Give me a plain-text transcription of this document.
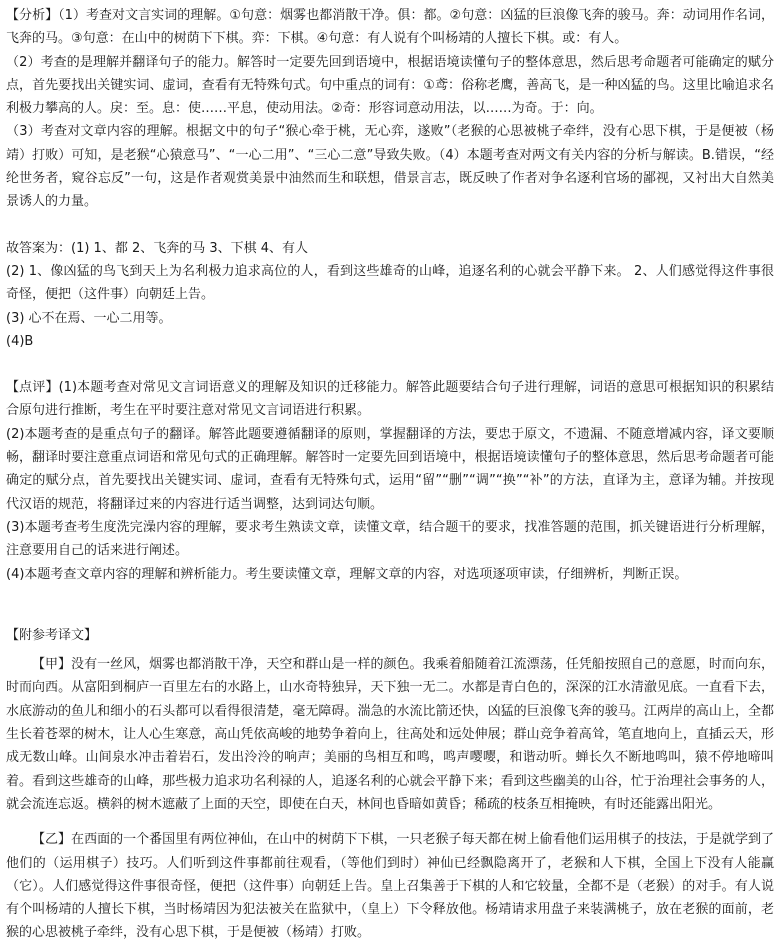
【分析】（1）考查对文言实词的理解。①句意：烟雾也都消散干净。俱：都。②句意：凶猛的巨浪像飞奔的骏马。奔：动词用作名词，飞奔的马。③句意：在山中的树荫下下棋。弈：下棋。④句意：有人说有个叫杨靖的人擅长下棋。或：有人。

（2）考查的是理解并翻译句子的能力。解答时一定要先回到语境中，根据语境读懂句子的整体意思，然后思考命题者可能确定的赋分点，首先要找出关键实词、虚词，查看有无特殊句式。句中重点的词有：①鸢：俗称老鹰，善高飞，是一种凶猛的鸟。这里比喻追求名利极力攀高的人。戾：至。息：使……平息，使动用法。②奇：形容词意动用法，以……为奇。于：向。

（3）考查对文章内容的理解。根据文中的句子“猴心牵于桃，无心弈，遂败”（老猴的心思被桃子牵绊，没有心思下棋，于是便被（杨靖）打败）可知，是老猴“心猿意马”、“一心二用”、“三心二意”导致失败。（4）本题考查对两文有关内容的分析与解读。B.错误，“经纶世务者，窥谷忘反”一句，这是作者观赏美景中油然而生和联想，借景言志，既反映了作者对争名逐利官场的鄙视，又衬出大自然美景诱人的力量。

故答案为：(1) 1、都 2、飞奔的马 3、下棋 4、有人

(2) 1、像凶猛的鸟飞到天上为名利极力追求高位的人，看到这些雄奇的山峰，追逐名利的心就会平静下来。 2、人们感觉得这件事很奇怪，便把（这件事）向朝廷上告。

(3) 心不在焉、一心二用等。

(4)B

【点评】(1)本题考查对常见文言词语意义的理解及知识的迁移能力。解答此题要结合句子进行理解，词语的意思可根据知识的积累结合原句进行推断，考生在平时要注意对常见文言词语进行积累。

(2)本题考查的是重点句子的翻译。解答此题要遵循翻译的原则，掌握翻译的方法，要忠于原文，不遗漏、不随意增减内容，译文要顺畅，翻译时要注意重点词语和常见句式的正确理解。解答时一定要先回到语境中，根据语境读懂句子的整体意思，然后思考命题者可能确定的赋分点，首先要找出关键实词、虚词，查看有无特殊句式，运用“留”“删”“调”“换”“补”的方法，直译为主，意译为辅。并按现代汉语的规范，将翻译过来的内容进行适当调整，达到词达句顺。

(3)本题考查考生度洗完澡内容的理解，要求考生熟读文章，读懂文章，结合题干的要求，找准答题的范围，抓关键语进行分析理解，注意要用自己的话来进行阐述。

(4)本题考查文章内容的理解和辨析能力。考生要读懂文章，理解文章的内容，对选项逐项审读，仔细辨析，判断正误。

【附参考译文】

【甲】没有一丝风，烟雾也都消散干净，天空和群山是一样的颜色。我乘着船随着江流漂荡，任凭船按照自己的意愿，时而向东，时而向西。从富阳到桐庐一百里左右的水路上，山水奇特独异，天下独一无二。水都是青白色的，深深的江水清澈见底。一直看下去，水底游动的鱼儿和细小的石头都可以看得很清楚，毫无障碍。湍急的水流比箭还快，凶猛的巨浪像飞奔的骏马。江两岸的高山上，全都生长着苍翠的树木，让人心生寒意，高山凭依高峻的地势争着向上，往高处和远处伸展；群山竞争着高耸，笔直地向上，直插云天，形成无数山峰。山间泉水冲击着岩石，发出泠泠的响声；美丽的鸟相互和鸣，鸣声嘤嘤，和谐动听。蝉长久不断地鸣叫，猿不停地啼叫着。看到这些雄奇的山峰，那些极力追求功名利禄的人，追逐名利的心就会平静下来；看到这些幽美的山谷，忙于治理社会事务的人，就会流连忘返。横斜的树木遮蔽了上面的天空，即使在白天，林间也昏暗如黄昏；稀疏的枝条互相掩映，有时还能露出阳光。

【乙】在西面的一个番国里有两位神仙，在山中的树荫下下棋，一只老猴子每天都在树上偷看他们运用棋子的技法，于是就学到了他们的（运用棋子）技巧。人们听到这件事都前往观看，（等他们到时）神仙已经飘隐离开了，老猴和人下棋，全国上下没有人能赢（它）。人们感觉得这件事很奇怪，便把（这件事）向朝廷上告。皇上召集善于下棋的人和它较量，全都不是（老猴）的对手。有人说有个叫杨靖的人擅长下棋，当时杨靖因为犯法被关在监狱中，（皇上）下令释放他。杨靖请求用盘子来装满桃子，放在老猴的面前，老猴的心思被桃子牵绊，没有心思下棋，于是便被（杨靖）打败。
